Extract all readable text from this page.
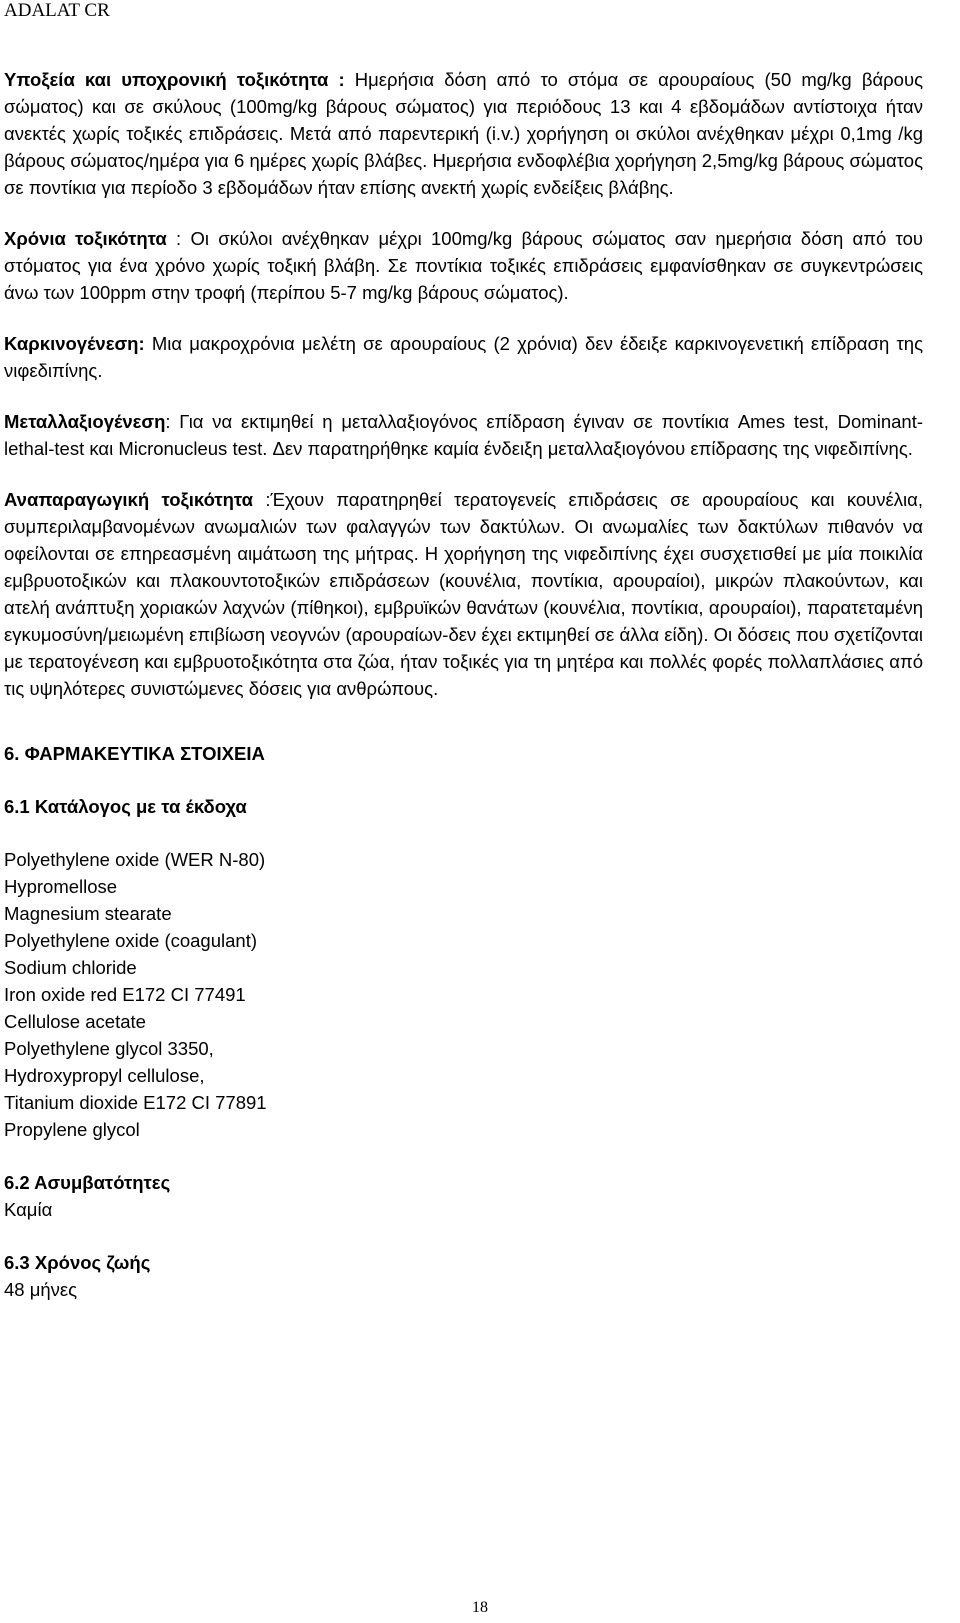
ADALAT CR

Υποξεία και υποχρονική τοξικότητα : Ημερήσια δόση από το στόμα σε αρουραίους (50 mg/kg βάρους σώματος) και σε σκύλους (100mg/kg βάρους σώματος) για περιόδους 13 και 4 εβδομάδων αντίστοιχα ήταν ανεκτές χωρίς τοξικές επιδράσεις. Μετά από παρεντερική (i.v.) χορήγηση οι σκύλοι ανέχθηκαν μέχρι 0,1mg /kg βάρους σώματος/ημέρα για 6 ημέρες χωρίς βλάβες. Ημερήσια ενδοφλέβια χορήγηση 2,5mg/kg βάρους σώματος σε ποντίκια για περίοδο 3 εβδομάδων ήταν επίσης ανεκτή χωρίς ενδείξεις βλάβης.

Χρόνια τοξικότητα : Οι σκύλοι ανέχθηκαν μέχρι 100mg/kg βάρους σώματος σαν ημερήσια δόση από του στόματος για ένα χρόνο χωρίς τοξική βλάβη. Σε ποντίκια τοξικές επιδράσεις εμφανίσθηκαν σε συγκεντρώσεις άνω των 100ppm στην τροφή (περίπου 5-7 mg/kg βάρους σώματος).

Καρκινογένεση: Μια μακροχρόνια μελέτη σε αρουραίους (2 χρόνια) δεν έδειξε καρκινογενετική επίδραση της νιφεδιπίνης.

Μεταλλαξιογένεση: Για να εκτιμηθεί η μεταλλαξιογόνος επίδραση έγιναν σε ποντίκια Ames test, Dominant-lethal-test και Micronucleus test. Δεν παρατηρήθηκε καμία ένδειξη μεταλλαξιογόνου επίδρασης της νιφεδιπίνης.

Αναπαραγωγική τοξικότητα :Έχουν παρατηρηθεί τερατογενείς επιδράσεις σε αρουραίους και κουνέλια, συμπεριλαμβανομένων ανωμαλιών των φαλαγγών των δακτύλων. Οι ανωμαλίες των δακτύλων πιθανόν να οφείλονται σε επηρεασμένη αιμάτωση της μήτρας. Η χορήγηση της νιφεδιπίνης έχει συσχετισθεί με μία ποικιλία εμβρυοτοξικών και πλακουντοτοξικών επιδράσεων (κουνέλια, ποντίκια, αρουραίοι), μικρών πλακούντων, και ατελή ανάπτυξη χοριακών λαχνών (πίθηκοι), εμβρυϊκών θανάτων (κουνέλια, ποντίκια, αρουραίοι), παρατεταμένη εγκυμοσύνη/μειωμένη επιβίωση νεογνών (αρουραίων-δεν έχει εκτιμηθεί σε άλλα είδη). Οι δόσεις που σχετίζονται με τερατογένεση και εμβρυοτοξικότητα στα ζώα, ήταν τοξικές για τη μητέρα και πολλές φορές πολλαπλάσιες από τις υψηλότερες συνιστώμενες δόσεις για ανθρώπους.

6. ΦΑΡΜΑΚΕΥΤΙΚΑ ΣΤΟΙΧΕΙΑ

6.1 Κατάλογος με τα έκδοχα

Polyethylene oxide (WER N-80)

Hypromellose

Magnesium stearate

Polyethylene oxide (coagulant)

Sodium chloride

Iron oxide red E172 CI 77491

Cellulose acetate

Polyethylene glycol 3350,

Hydroxypropyl cellulose,

Titanium dioxide E172 CI 77891

Propylene glycol

6.2 Ασυμβατότητες

Καμία

6.3 Χρόνος ζωής

48 μήνες

18
